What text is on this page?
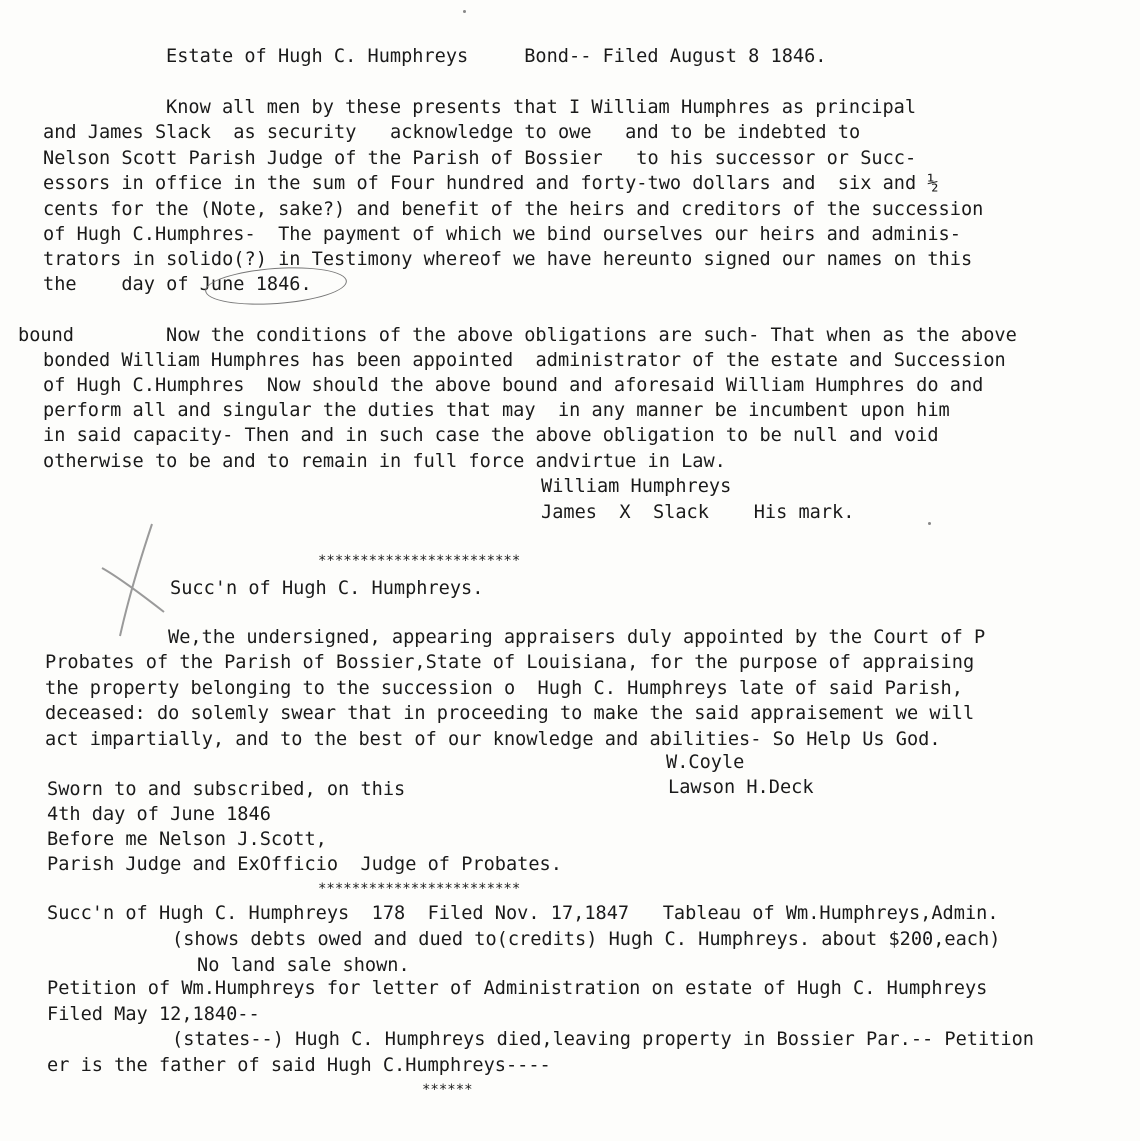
Estate of Hugh C. Humphreys     Bond-- Filed August 8 1846.
Know all men by these presents that I William Humphres as principal
and James Slack  as security   acknowledge to owe   and to be indebted to
Nelson Scott Parish Judge of the Parish of Bossier   to his successor or Succ-
essors in office in the sum of Four hundred and forty-two dollars and  six and ½
cents for the (Note, sake?) and benefit of the heirs and creditors of the succession
of Hugh C.Humphres-  The payment of which we bind ourselves our heirs and adminis-
trators in solido(?) in Testimony whereof we have hereunto signed our names on this
the    day of June 1846.
bound	Now the conditions of the above obligations are such- That when as the above
bonded William Humphres has been appointed  administrator of the estate and Succession
of Hugh C.Humphres  Now should the above bound and aforesaid William Humphres do and
perform all and singular the duties that may  in any manner be incumbent upon him
in said capacity- Then and in such case the above obligation to be null and void
otherwise to be and to remain in full force andvirtue in Law.
William Humphreys
James  X  Slack    His mark.
************************
Succ'n of Hugh C. Humphreys.
We,the undersigned, appearing appraisers duly appointed by the Court of P
Probates of the Parish of Bossier,State of Louisiana, for the purpose of appraising
the property belonging to the succession o  Hugh C. Humphreys late of said Parish,
deceased: do solemly swear that in proceeding to make the said appraisement we will
act impartially, and to the best of our knowledge and abilities- So Help Us God.
W.Coyle
Lawson H.Deck
Sworn to and subscribed, on this
4th day of June 1846
Before me Nelson J.Scott,
Parish Judge and ExOfficio  Judge of Probates.
************************
Succ'n of Hugh C. Humphreys  178  Filed Nov. 17,1847   Tableau of Wm.Humphreys,Admin.
(shows debts owed and dued to(credits) Hugh C. Humphreys. about $200,each)
No land sale shown.
Petition of Wm.Humphreys for letter of Administration on estate of Hugh C. Humphreys
Filed May 12,1840--
(states--) Hugh C. Humphreys died,leaving property in Bossier Par.-- Petition
er is the father of said Hugh C.Humphreys----
******
